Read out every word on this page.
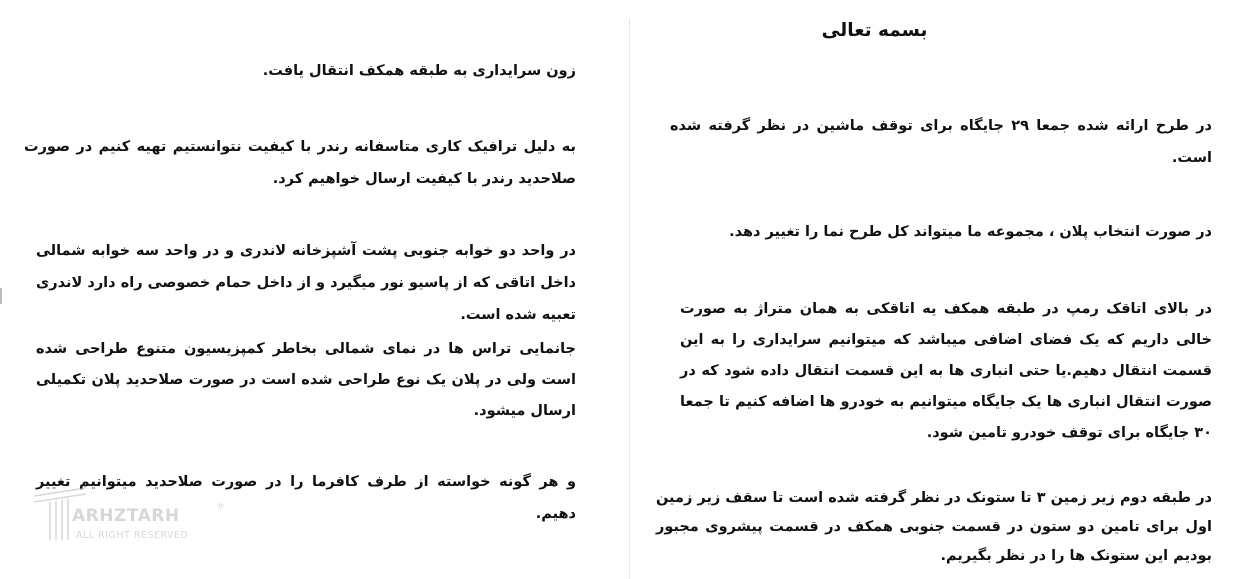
زون سرایداری به طبقه همکف انتقال یافت.

به دلیل ترافیک کاری متاسفانه رندر با کیفیت نتوانستیم تهیه کنیم در صورت صلاحدید رندر با کیفیت ارسال خواهیم کرد.

در واحد دو خوابه جنوبی پشت آشپزخانه لاندری و در واحد سه خوابه شمالی داخل اتاقی که از پاسیو نور میگیرد و از داخل حمام خصوصی راه دارد لاندری تعبیه شده است.

جانمایی تراس ها در نمای شمالی بخاطر کمپزیسیون متنوع طراحی شده است ولی در پلان یک نوع طراحی شده است در صورت صلاحدید پلان تکمیلی ارسال میشود.

و هر گونه خواسته از طرف کافرما را در صورت صلاحدید میتوانیم تغییر دهیم.

ARHZTARH	®
ALL RIGHT RESERVED
بسمه تعالی

در طرح ارائه شده جمعا ۲۹ جایگاه برای توقف ماشین در نظر گرفته شده است.

در صورت انتخاب پلان ، مجموعه ما میتواند کل طرح نما را تغییر دهد.

در بالای اتاقک رمپ در طبقه همکف یه اتاقکی به همان متراژ به صورت خالی داریم که یک فضای اضافی میباشد که میتوانیم سرایداری را به این قسمت انتقال دهیم.یا حتی انباری ها به این قسمت انتقال داده شود که در صورت انتقال انباری ها یک جایگاه میتوانیم به خودرو ها اضافه کنیم تا جمعا ۳۰ جایگاه برای توقف خودرو تامین شود.

در طبقه دوم زیر زمین ۳ تا ستونک در نظر گرفته شده است تا سقف زیر زمین اول برای تامین دو ستون در قسمت جنوبی همکف در قسمت پیشروی مجبور بودیم این ستونک ها را در نظر بگیریم.
